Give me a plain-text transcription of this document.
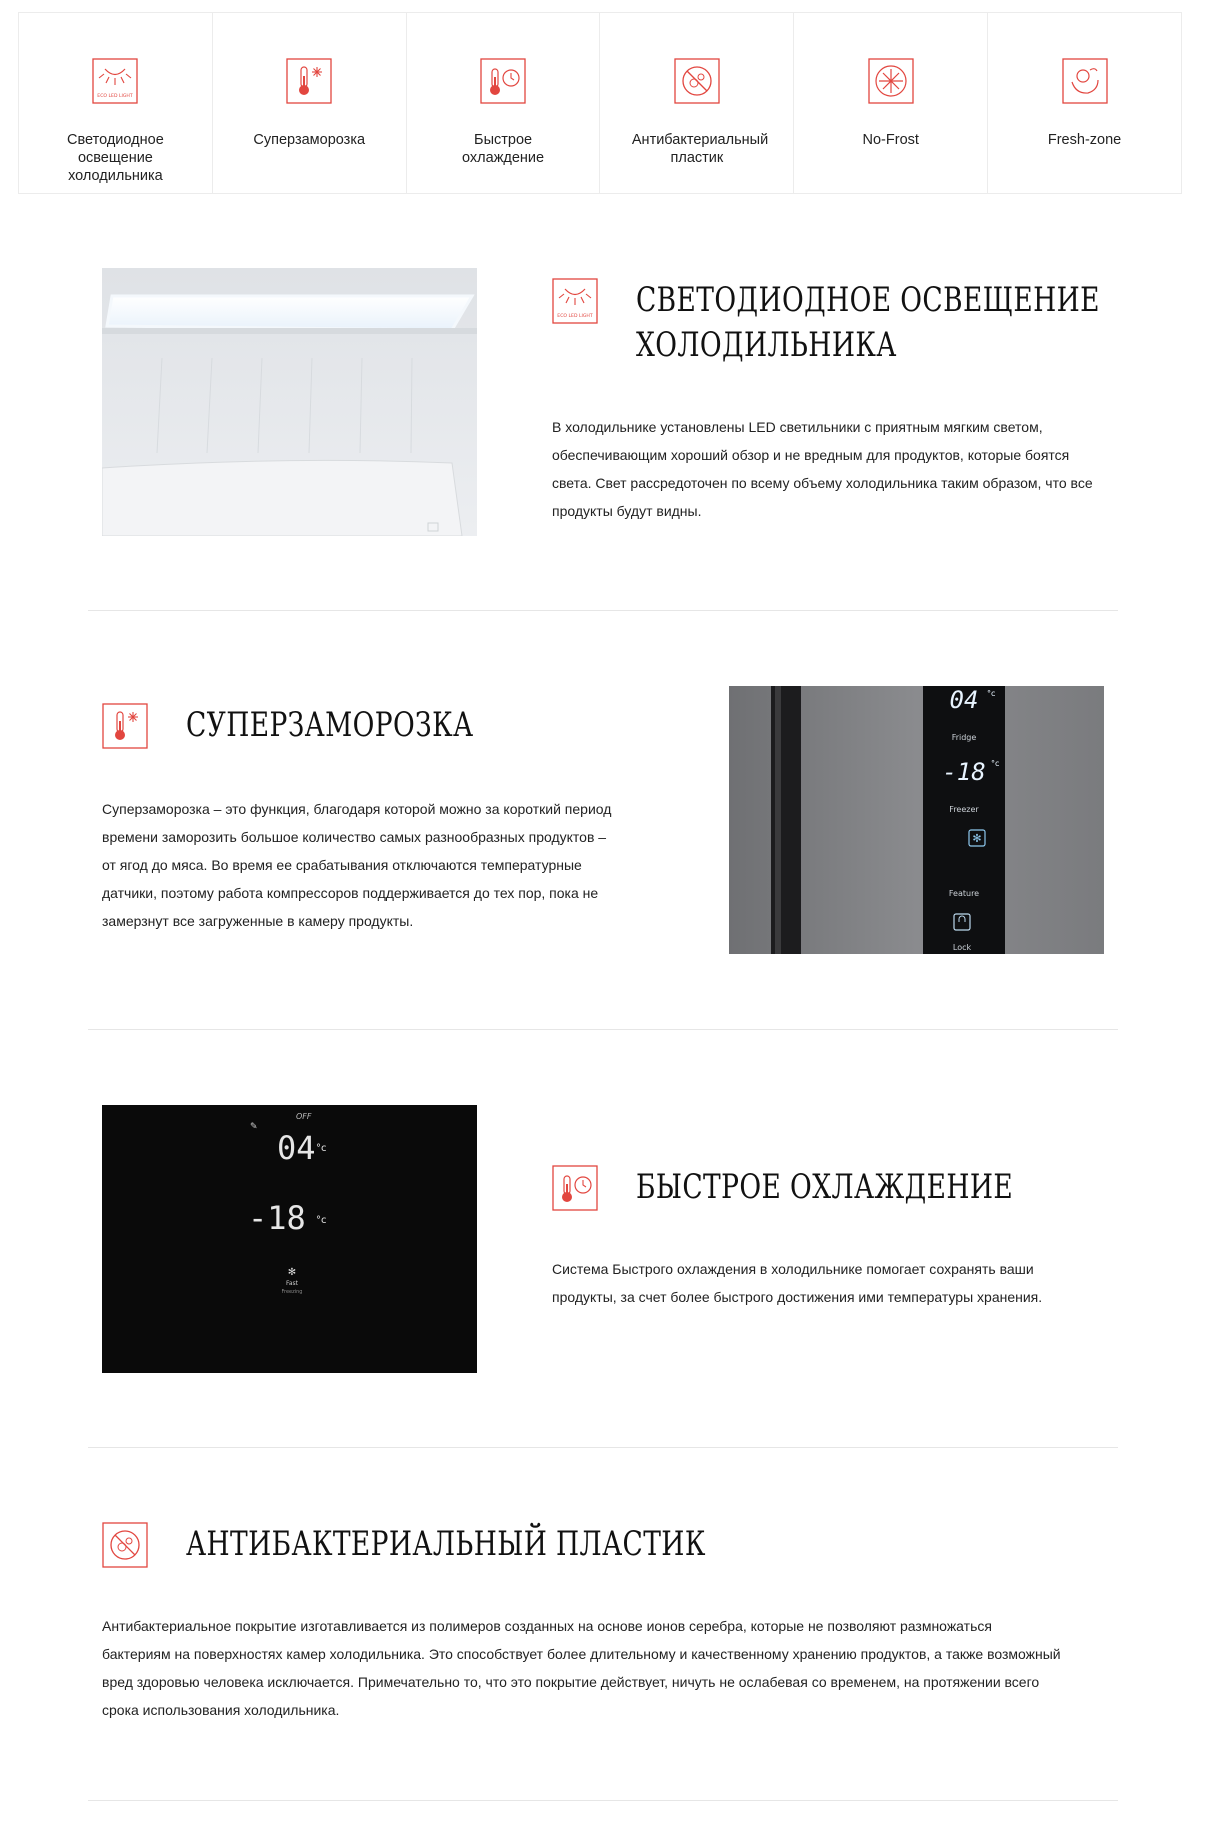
ECO LED LIGHT
Светодиодное освещение холодильника
Суперзаморозка	Быстрое охлаждение
Антибактериальный пластик
No-Frost	Fresh-zone
ECO LED LIGHT СВЕТОДИОДНОЕ ОСВЕЩЕНИЕ
ХОЛОДИЛЬНИКА
В холодильнике установлены LED светильники с приятным мягким светом, обеспечивающим хороший обзор и не вредным для продуктов, которые боятся света. Свет рассредоточен по всему объему холодильника таким образом, что все продукты будут видны.
СУПЕРЗАМОРОЗКА
Суперзаморозка – это функция, благодаря которой можно за короткий период времени заморозить большое количество самых разнообразных продуктов – от ягод до мяса. Во время ее срабатывания отключаются температурные датчики, поэтому работа компрессоров поддерживается до тех пор, пока не замерзнут все загруженные в камеру продукты.
04 °c
Fridge
-18 °c
Freezer
✻
Feature
Lock
OFF
✎
04 °c
-18 °c
✻
Fast
Freezing
БЫСТРОЕ ОХЛАЖДЕНИЕ
Система Быстрого охлаждения в холодильнике помогает сохранять ваши продукты, за счет более быстрого достижения ими температуры хранения.
АНТИБАКТЕРИАЛЬНЫЙ ПЛАСТИК
Антибактериальное покрытие изготавливается из полимеров созданных на основе ионов серебра, которые не позволяют размножаться бактериям на поверхностях камер холодильника. Это способствует более длительному и качественному хранению продуктов, а также возможный вред здоровью человека исключается. Примечательно то, что это покрытие действует, ничуть не ослабевая со временем, на протяжении всего срока использования холодильника.
